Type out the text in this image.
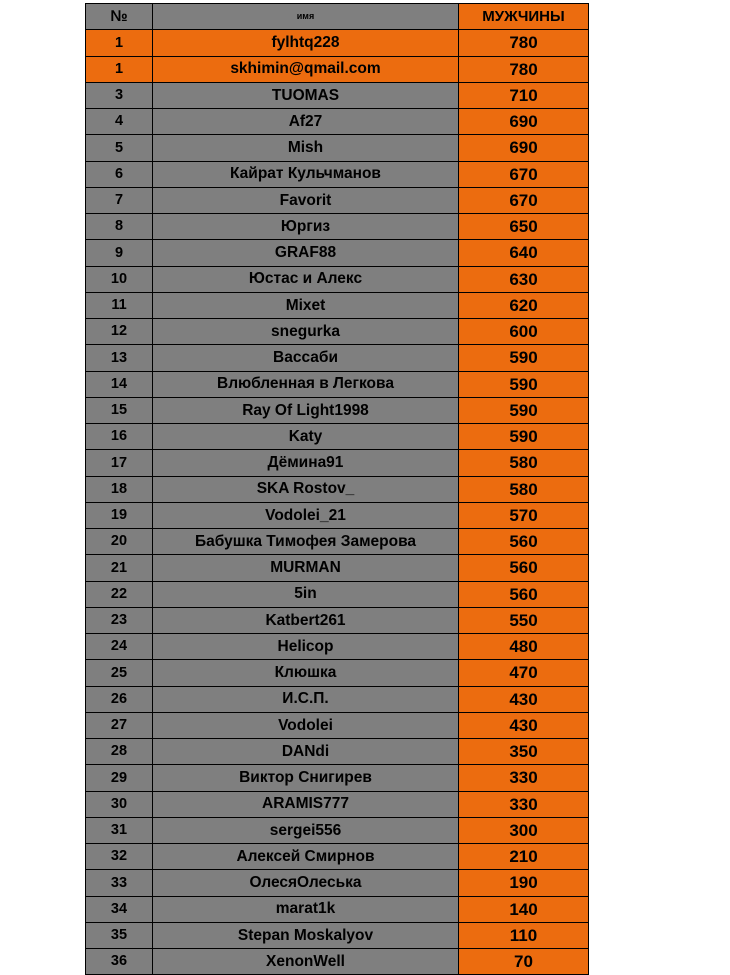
№	имя	МУЖЧИНЫ
1	fylhtq228	780
1	skhimin@qmail.com	780
3	TUOMAS	710
4	Af27	690
5	Mish	690
6	Кайрат Кульчманов	670
7	Favorit	670
8	Юргиз	650
9	GRAF88	640
10	Юстас и Алекс	630
11	Mixet	620
12	snegurka	600
13	Вассаби	590
14	Влюбленная в Легкова	590
15	Ray Of Light1998	590
16	Katy	590
17	Дёмина91	580
18	SKA Rostov_	580
19	Vodolei_21	570
20	Бабушка Тимофея Замерова	560
21	MURMAN	560
22	5in	560
23	Katbert261	550
24	Helicop	480
25	Клюшка	470
26	И.С.П.	430
27	Vodolei	430
28	DANdi	350
29	Виктор Снигирев	330
30	ARAMIS777	330
31	sergei556	300
32	Алексей Смирнов	210
33	ОлесяОлеська	190
34	marat1k	140
35	Stepan Moskalyov	110
36	XenonWell	70
